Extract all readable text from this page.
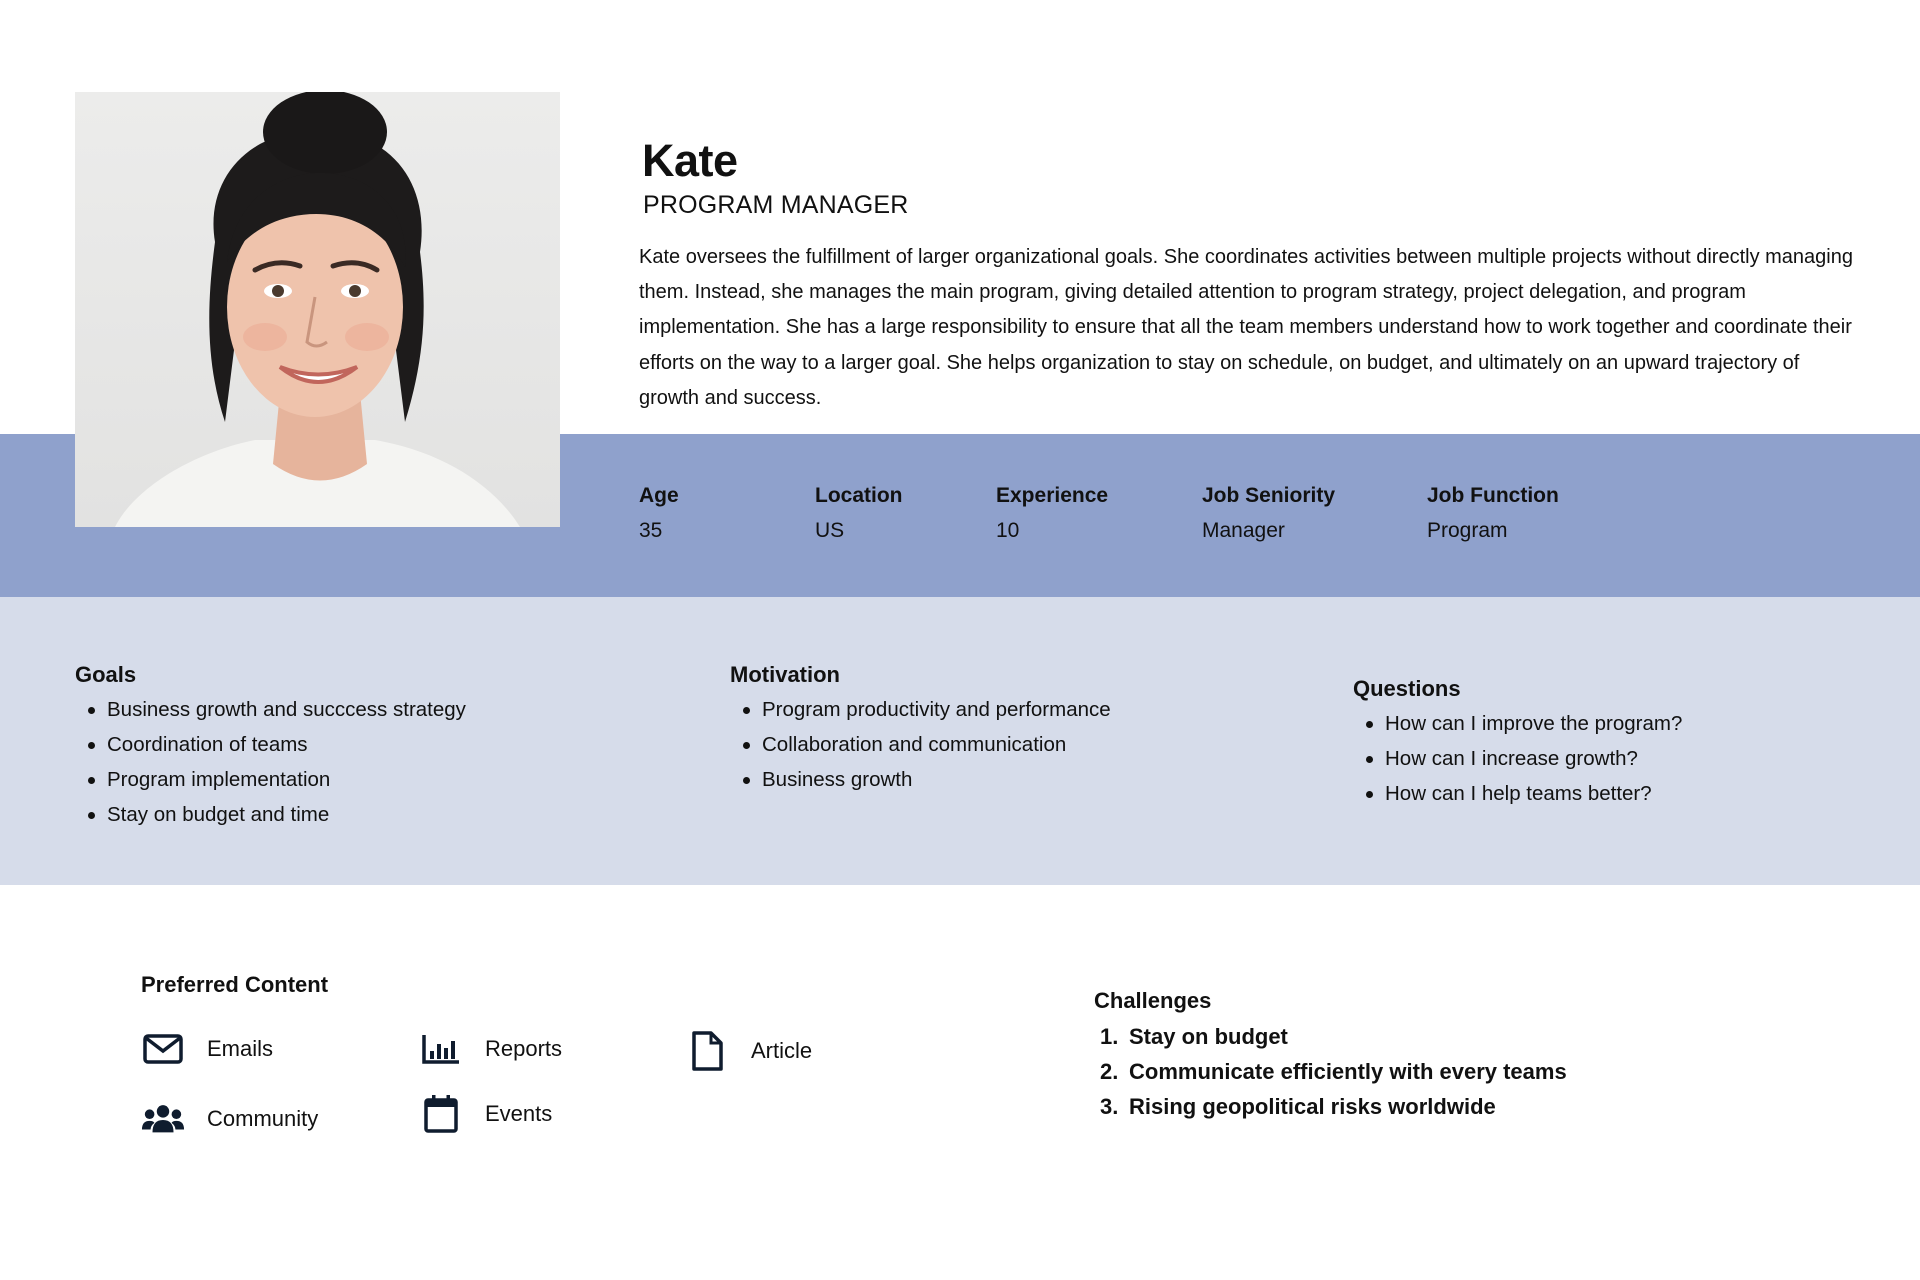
Kate
PROGRAM MANAGER

Kate oversees the fulfillment of larger organizational goals. She coordinates activities between multiple projects without directly managing them. Instead, she manages the main program, giving detailed attention to program strategy, project delegation, and program implementation. She has a large responsibility to ensure that all the team members understand how to work together and coordinate their efforts on the way to a larger goal. She helps organization to stay on schedule, on budget, and ultimately on an upward trajectory of growth and success.

Age
35
Location
US
Experience
10
Job Seniority
Manager
Job Function
Program
Goals
Business growth and succcess strategy
Coordination of teams
Program implementation
Stay on budget and time
Motivation
Program productivity and performance
Collaboration and communication
Business growth
Questions
How can I improve the program?
How can I increase growth?
How can I help teams better?
Preferred Content
Emails	Reports	Article
Community	Events
Challenges
1. Stay on budget
2. Communicate efficiently with every teams
3. Rising geopolitical risks worldwide
